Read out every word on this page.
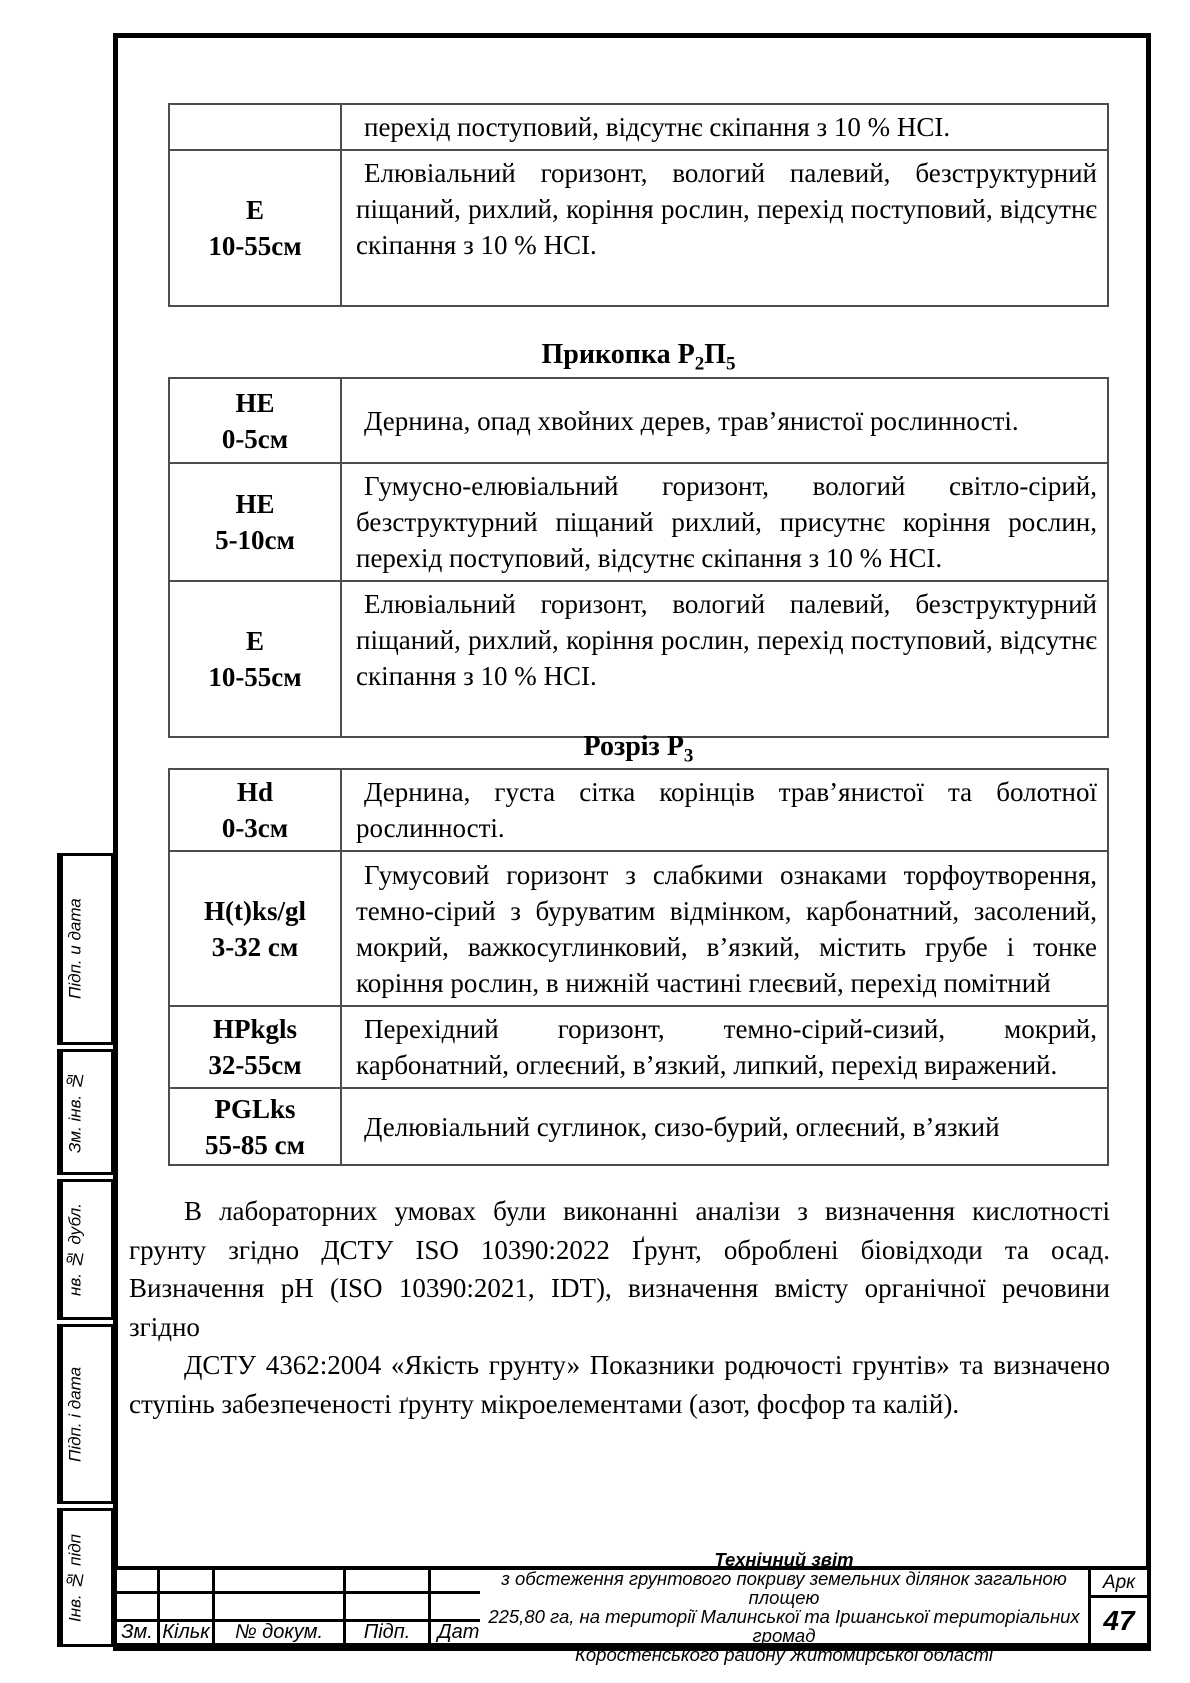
Підп. и дата
Зм. інв. №
нв. № дубл.
Підп. і дата
Інв. № підп
	перехід поступовий, відсутнє скіпання з 10 % НСІ.

Е
10-55см	Елювіальний горизонт, вологий палевий, безструктурний піщаний, рихлий, коріння рослин, перехід поступовий, відсутнє скіпання з 10 % НСІ.
Прикопка $Р_2П_5$
НЕ
0-5см	Дернина, опад хвойних дерев, трав’янистої рослинності.

НЕ
5-10см	Гумусно-елювіальний горизонт, вологий світло-сірий, безструктурний піщаний рихлий, присутнє коріння рослин, перехід поступовий, відсутнє скіпання з 10 % НСІ.

Е
10-55см	Елювіальний горизонт, вологий палевий, безструктурний піщаний, рихлий, коріння рослин, перехід поступовий, відсутнє скіпання з 10 % НСІ.
Розріз $Р_3$
Hd
0-3см	Дернина, густа сітка корінців трав’янистої та болотної рослинності.

H(t)ks/gl
3-32 см	Гумусовий горизонт з слабкими ознаками торфоутворення, темно-сірий з буруватим відмінком, карбонатний, засолений, мокрий, важкосуглинковий, в’язкий, містить грубе і тонке коріння рослин, в нижній частині глеєвий, перехід помітний

HPkgls
32-55см	Перехідний горизонт, темно-сірий-сизий, мокрий, карбонатний, оглеєний, в’язкий, липкий, перехід виражений.

PGLks
55-85 см	Делювіальний суглинок, сизо-бурий, оглеєний, в’язкий

В лабораторних умовах були виконанні аналізи з визначення кислотності грунту згідно ДСТУ ISO 10390:2022 Ґрунт, оброблені біовідходи та осад. Визначення рН (ISO 10390:2021, IDT), визначення вмісту органічної речовини згідно

ДСТУ 4362:2004 «Якість грунту» Показники родючості грунтів» та визначено ступінь забезпеченості ґрунту мікроелементами (азот, фосфор та калій).

Зм. Кільк	№ докум.	Підп.	Дат
Технічний звіт
з обстеження грунтового покриву земельних ділянок загальною площею
225,80 га, на території Малинської та Іршанської територіальних громад
Коростенського району Житомирської області
Арк
47
